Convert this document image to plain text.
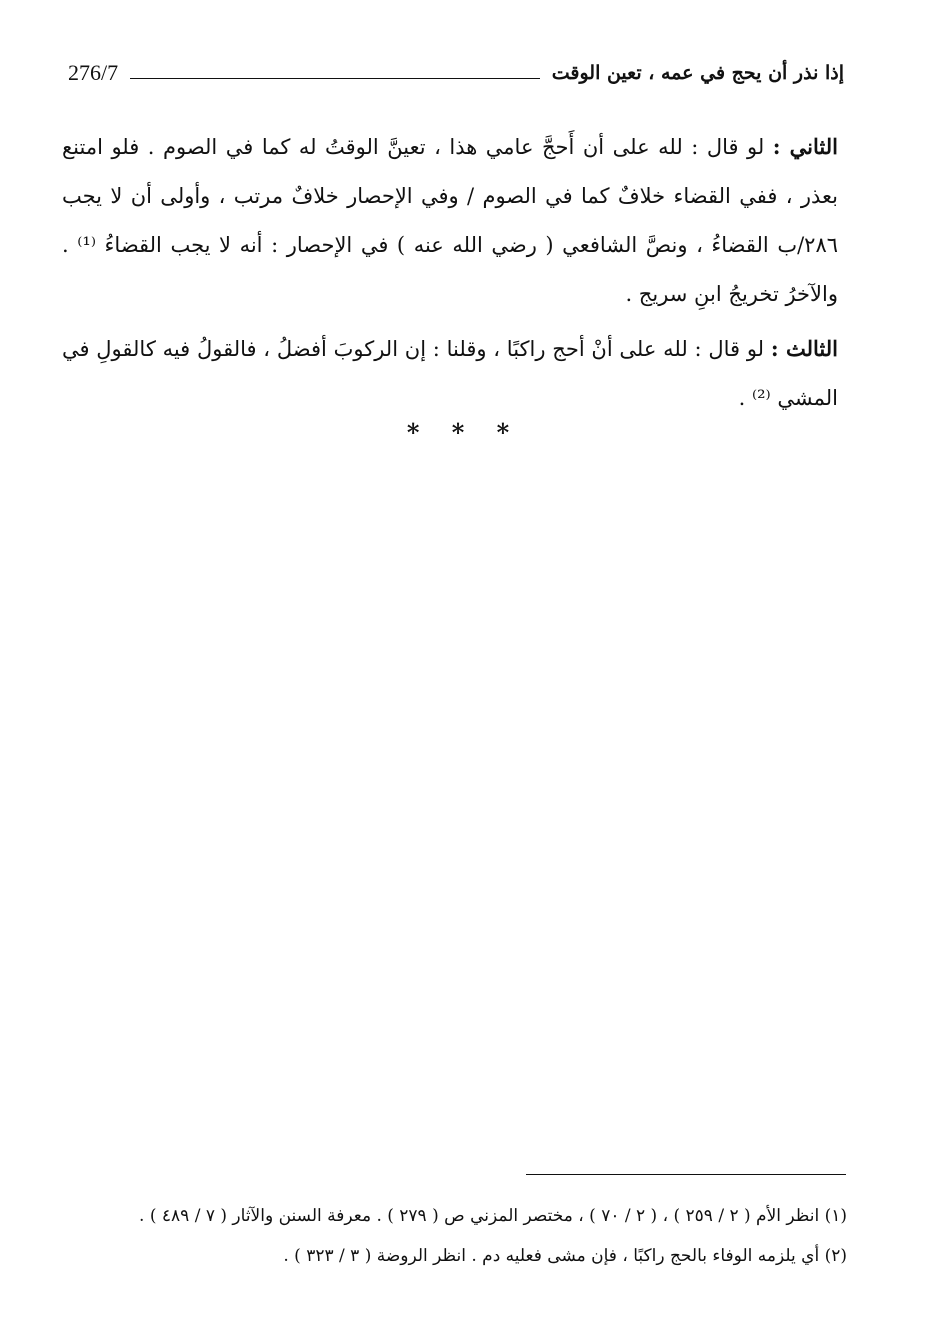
276/7	إذا نذر أن يحج في عمه ، تعين الوقت

الثاني : لو قال : لله على أن أَحجَّ عامي هذا ، تعينَّ الوقتُ له كما في الصوم . فلو امتنع بعذر ، ففي القضاء خلافٌ كما في الصوم / وفي الإحصار خلافٌ مرتب ، وأولى أن لا يجب ٢٨٦/ب القضاءُ ، ونصَّ الشافعي ( رضي الله عنه ) في الإحصار : أنه لا يجب القضاءُ ⁽¹⁾ . والآخرُ تخريجُ ابنِ سريج .

الثالث : لو قال : لله على أنْ أحج راكبًا ، وقلنا : إن الركوبَ أفضلُ ، فالقولُ فيه كالقولِ في المشي ⁽²⁾ .

* * *

(١) انظر الأم ( ٢ / ٢٥٩ ) ، ( ٢ / ٧٠ ) ، مختصر المزني ص ( ٢٧٩ ) . معرفة السنن والآثار ( ٧ / ٤٨٩ ) .

(٢) أي يلزمه الوفاء بالحج راكبًا ، فإن مشى فعليه دم . انظر الروضة ( ٣ / ٣٢٣ ) .
